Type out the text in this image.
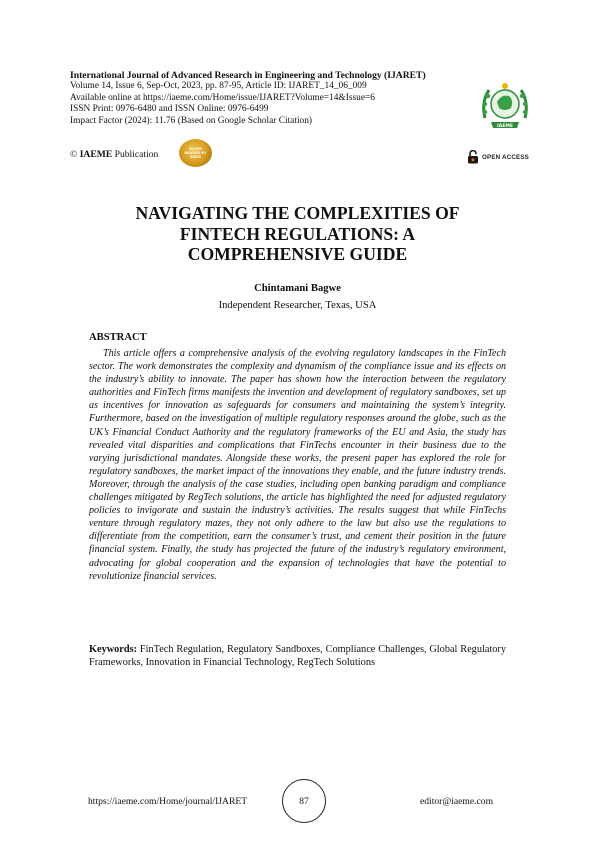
International Journal of Advanced Research in Engineering and Technology (IJARET)
Volume 14, Issue 6, Sep-Oct, 2023, pp. 87-95, Article ID: IJARET_14_06_009
Available online at https://iaeme.com/Home/issue/IJARET?Volume=14&Issue=6
ISSN Print: 0976-6480 and ISSN Online: 0976-6499
Impact Factor (2024): 11.76 (Based on Google Scholar Citation)
© IAEME Publication	SCORE INDEXED BY INDEX
IAEME
OPEN ACCESS
NAVIGATING THE COMPLEXITIES OF
FINTECH REGULATIONS: A
COMPREHENSIVE GUIDE
Chintamani Bagwe
Independent Researcher, Texas, USA
ABSTRACT
This article offers a comprehensive analysis of the evolving regulatory landscapes in the FinTech sector. The work demonstrates the complexity and dynamism of the compliance issue and its effects on the industry’s ability to innovate. The paper has shown how the interaction between the regulatory authorities and FinTech firms manifests the invention and development of regulatory sandboxes, set up as incentives for innovation as safeguards for consumers and maintaining the system’s integrity. Furthermore, based on the investigation of multiple regulatory responses around the globe, such as the UK’s Financial Conduct Authority and the regulatory frameworks of the EU and Asia, the study has revealed vital disparities and complications that FinTechs encounter in their business due to the varying jurisdictional mandates. Alongside these works, the present paper has explored the role for regulatory sandboxes, the market impact of the innovations they enable, and the future industry trends. Moreover, through the analysis of the case studies, including open banking paradigm and compliance challenges mitigated by RegTech solutions, the article has highlighted the need for adjusted regulatory policies to invigorate and sustain the industry’s activities. The results suggest that while FinTechs venture through regulatory mazes, they not only adhere to the law but also use the regulations to differentiate from the competition, earn the consumer’s trust, and cement their position in the future financial system. Finally, the study has projected the future of the industry’s regulatory environment, advocating for global cooperation and the expansion of technologies that have the potential to revolutionize financial services.
Keywords: FinTech Regulation, Regulatory Sandboxes, Compliance Challenges, Global Regulatory Frameworks, Innovation in Financial Technology, RegTech Solutions
https://iaeme.com/Home/journal/IJARET	87	editor@iaeme.com
